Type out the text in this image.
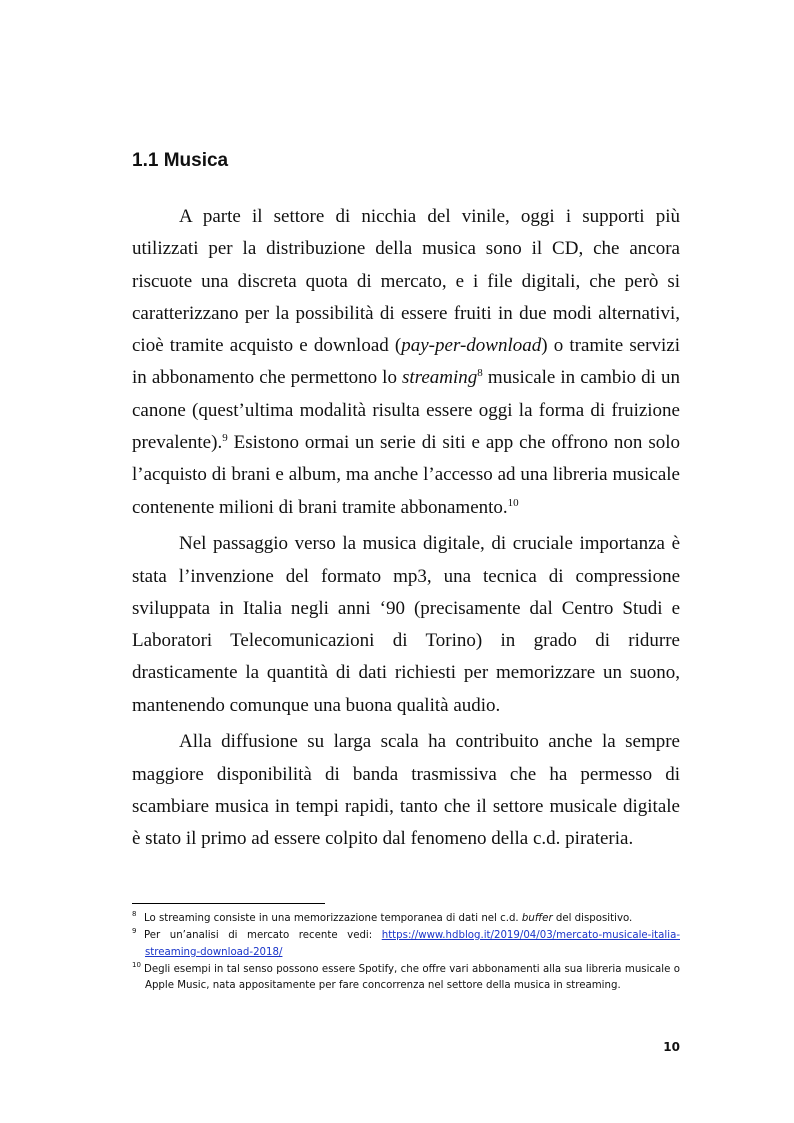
1.1 Musica

A parte il settore di nicchia del vinile, oggi i supporti più utilizzati per la distribuzione della musica sono il CD, che ancora riscuote una discreta quota di mercato, e i file digitali, che però si caratterizzano per la possibilità di essere fruiti in due modi alternativi, cioè tramite acquisto e download (pay-per-download) o tramite servizi in abbonamento che permettono lo streaming$^8$ musicale in cambio di un canone (quest’ultima modalità risulta essere oggi la forma di fruizione prevalente).$^9$ Esistono ormai un serie di siti e app che offrono non solo l’acquisto di brani e album, ma anche l’accesso ad una libreria musicale contenente milioni di brani tramite abbonamento.$^{10}$

Nel passaggio verso la musica digitale, di cruciale importanza è stata l’invenzione del formato mp3, una tecnica di compressione sviluppata in Italia negli anni ‘90 (precisamente dal Centro Studi e Laboratori Telecomunicazioni di Torino) in grado di ridurre drasticamente la quantità di dati richiesti per memorizzare un suono, mantenendo comunque una buona qualità audio.

Alla diffusione su larga scala ha contribuito anche la sempre maggiore disponibilità di banda trasmissiva che ha permesso di scambiare musica in tempi rapidi, tanto che il settore musicale digitale è stato il primo ad essere colpito dal fenomeno della c.d. pirateria.

8 Lo streaming consiste in una memorizzazione temporanea di dati nel c.d. buffer del dispositivo.
9 Per un’analisi di mercato recente vedi: https://www.hdblog.it/2019/04/03/mercato-musicale-italia-streaming-download-2018/
10 Degli esempi in tal senso possono essere Spotify, che offre vari abbonamenti alla sua libreria musicale o Apple Music, nata appositamente per fare concorrenza nel settore della musica in streaming.
10
